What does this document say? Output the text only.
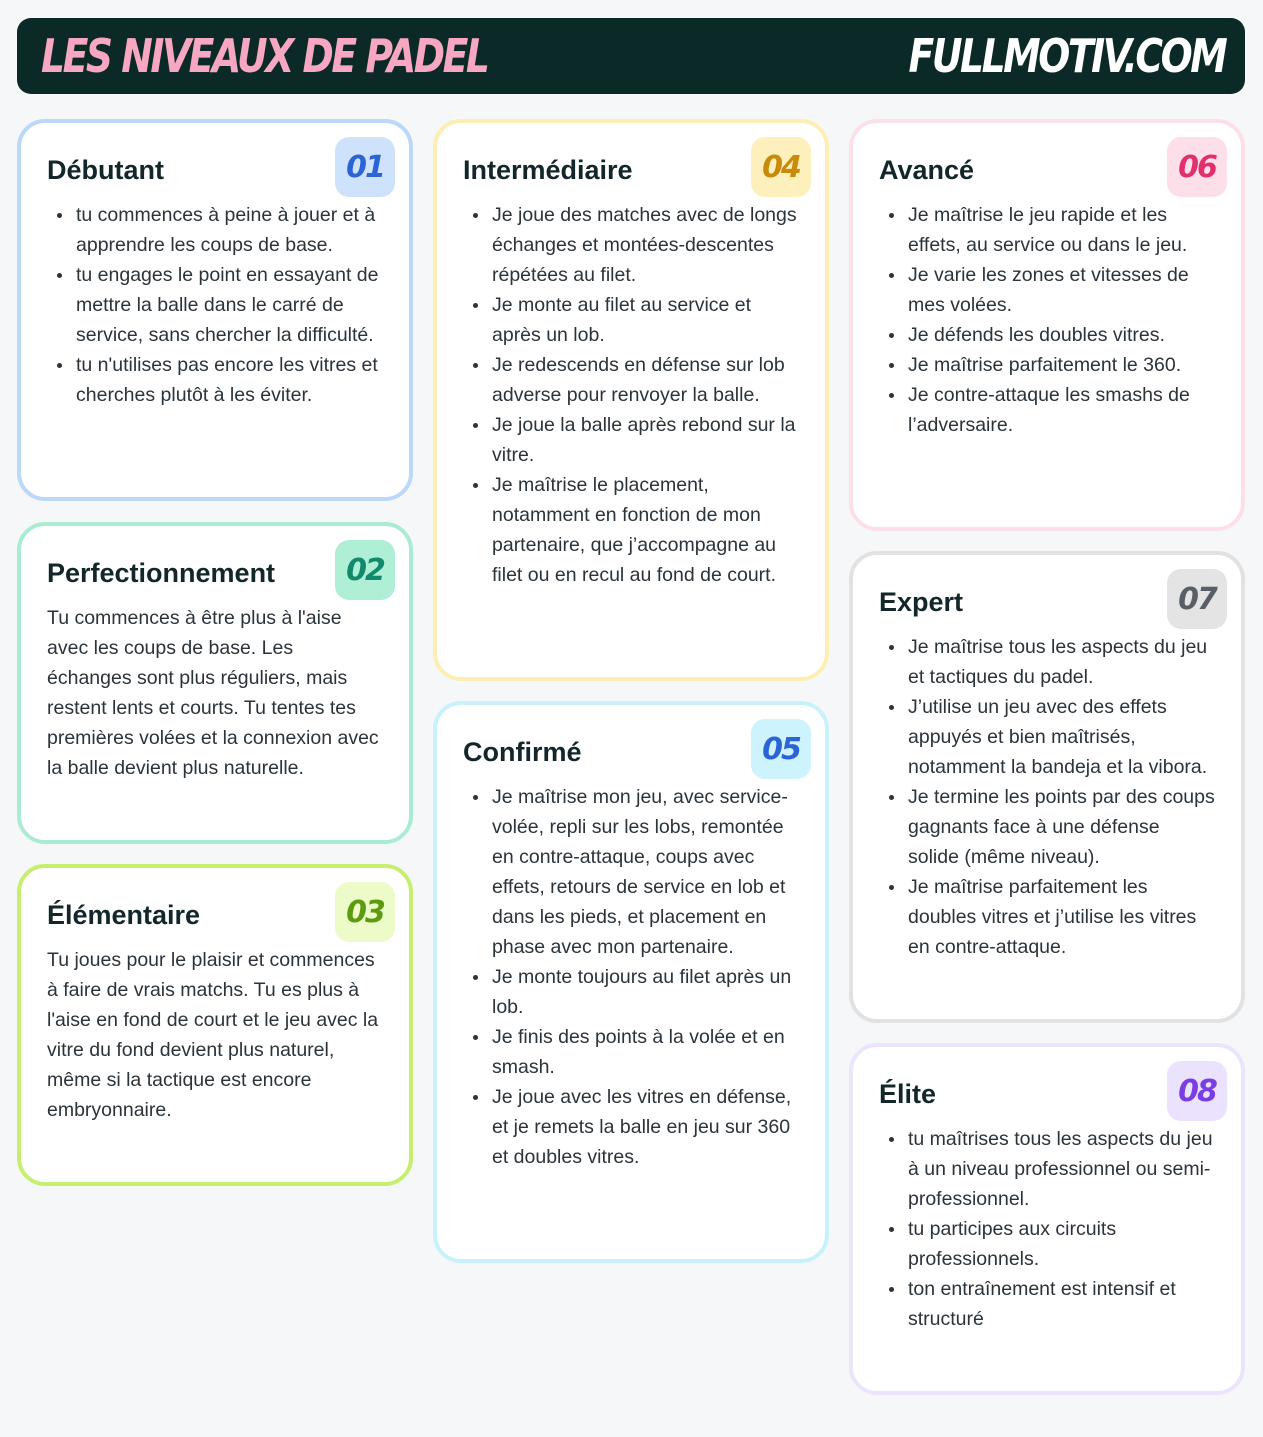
LES NIVEAUX DE PADEL	FULLMOTIV.COM
01
Débutant
tu commences à peine à jouer et à apprendre les coups de base.
tu engages le point en essayant de mettre la balle dans le carré de service, sans chercher la difficulté.
tu n'utilises pas encore les vitres et cherches plutôt à les éviter.
02
Perfectionnement

Tu commences à être plus à l'aise avec les coups de base. Les échanges sont plus réguliers, mais restent lents et courts. Tu tentes tes premières volées et la connexion avec la balle devient plus naturelle.

03
Élémentaire

Tu joues pour le plaisir et commences à faire de vrais matchs. Tu es plus à l'aise en fond de court et le jeu avec la vitre du fond devient plus naturel, même si la tactique est encore embryonnaire.

04
Intermédiaire
Je joue des matches avec de longs échanges et montées-descentes répétées au filet.
Je monte au filet au service et après un lob.
Je redescends en défense sur lob adverse pour renvoyer la balle.
Je joue la balle après rebond sur la vitre.
Je maîtrise le placement, notamment en fonction de mon partenaire, que j’accompagne au filet ou en recul au fond de court.
05
Confirmé
Je maîtrise mon jeu, avec service-volée, repli sur les lobs, remontée en contre-attaque, coups avec effets, retours de service en lob et dans les pieds, et placement en phase avec mon partenaire.
Je monte toujours au filet après un lob.
Je finis des points à la volée et en smash.
Je joue avec les vitres en défense, et je remets la balle en jeu sur 360 et doubles vitres.
06
Avancé
Je maîtrise le jeu rapide et les effets, au service ou dans le jeu.
Je varie les zones et vitesses de mes volées.
Je défends les doubles vitres.
Je maîtrise parfaitement le 360.
Je contre-attaque les smashs de l’adversaire.
07
Expert
Je maîtrise tous les aspects du jeu et tactiques du padel.
J’utilise un jeu avec des effets appuyés et bien maîtrisés, notamment la bandeja et la vibora.
Je termine les points par des coups gagnants face à une défense solide (même niveau).
Je maîtrise parfaitement les doubles vitres et j’utilise les vitres en contre-attaque.
08
Élite
tu maîtrises tous les aspects du jeu à un niveau professionnel ou semi-professionnel.
tu participes aux circuits professionnels.
ton entraînement est intensif et structuré
